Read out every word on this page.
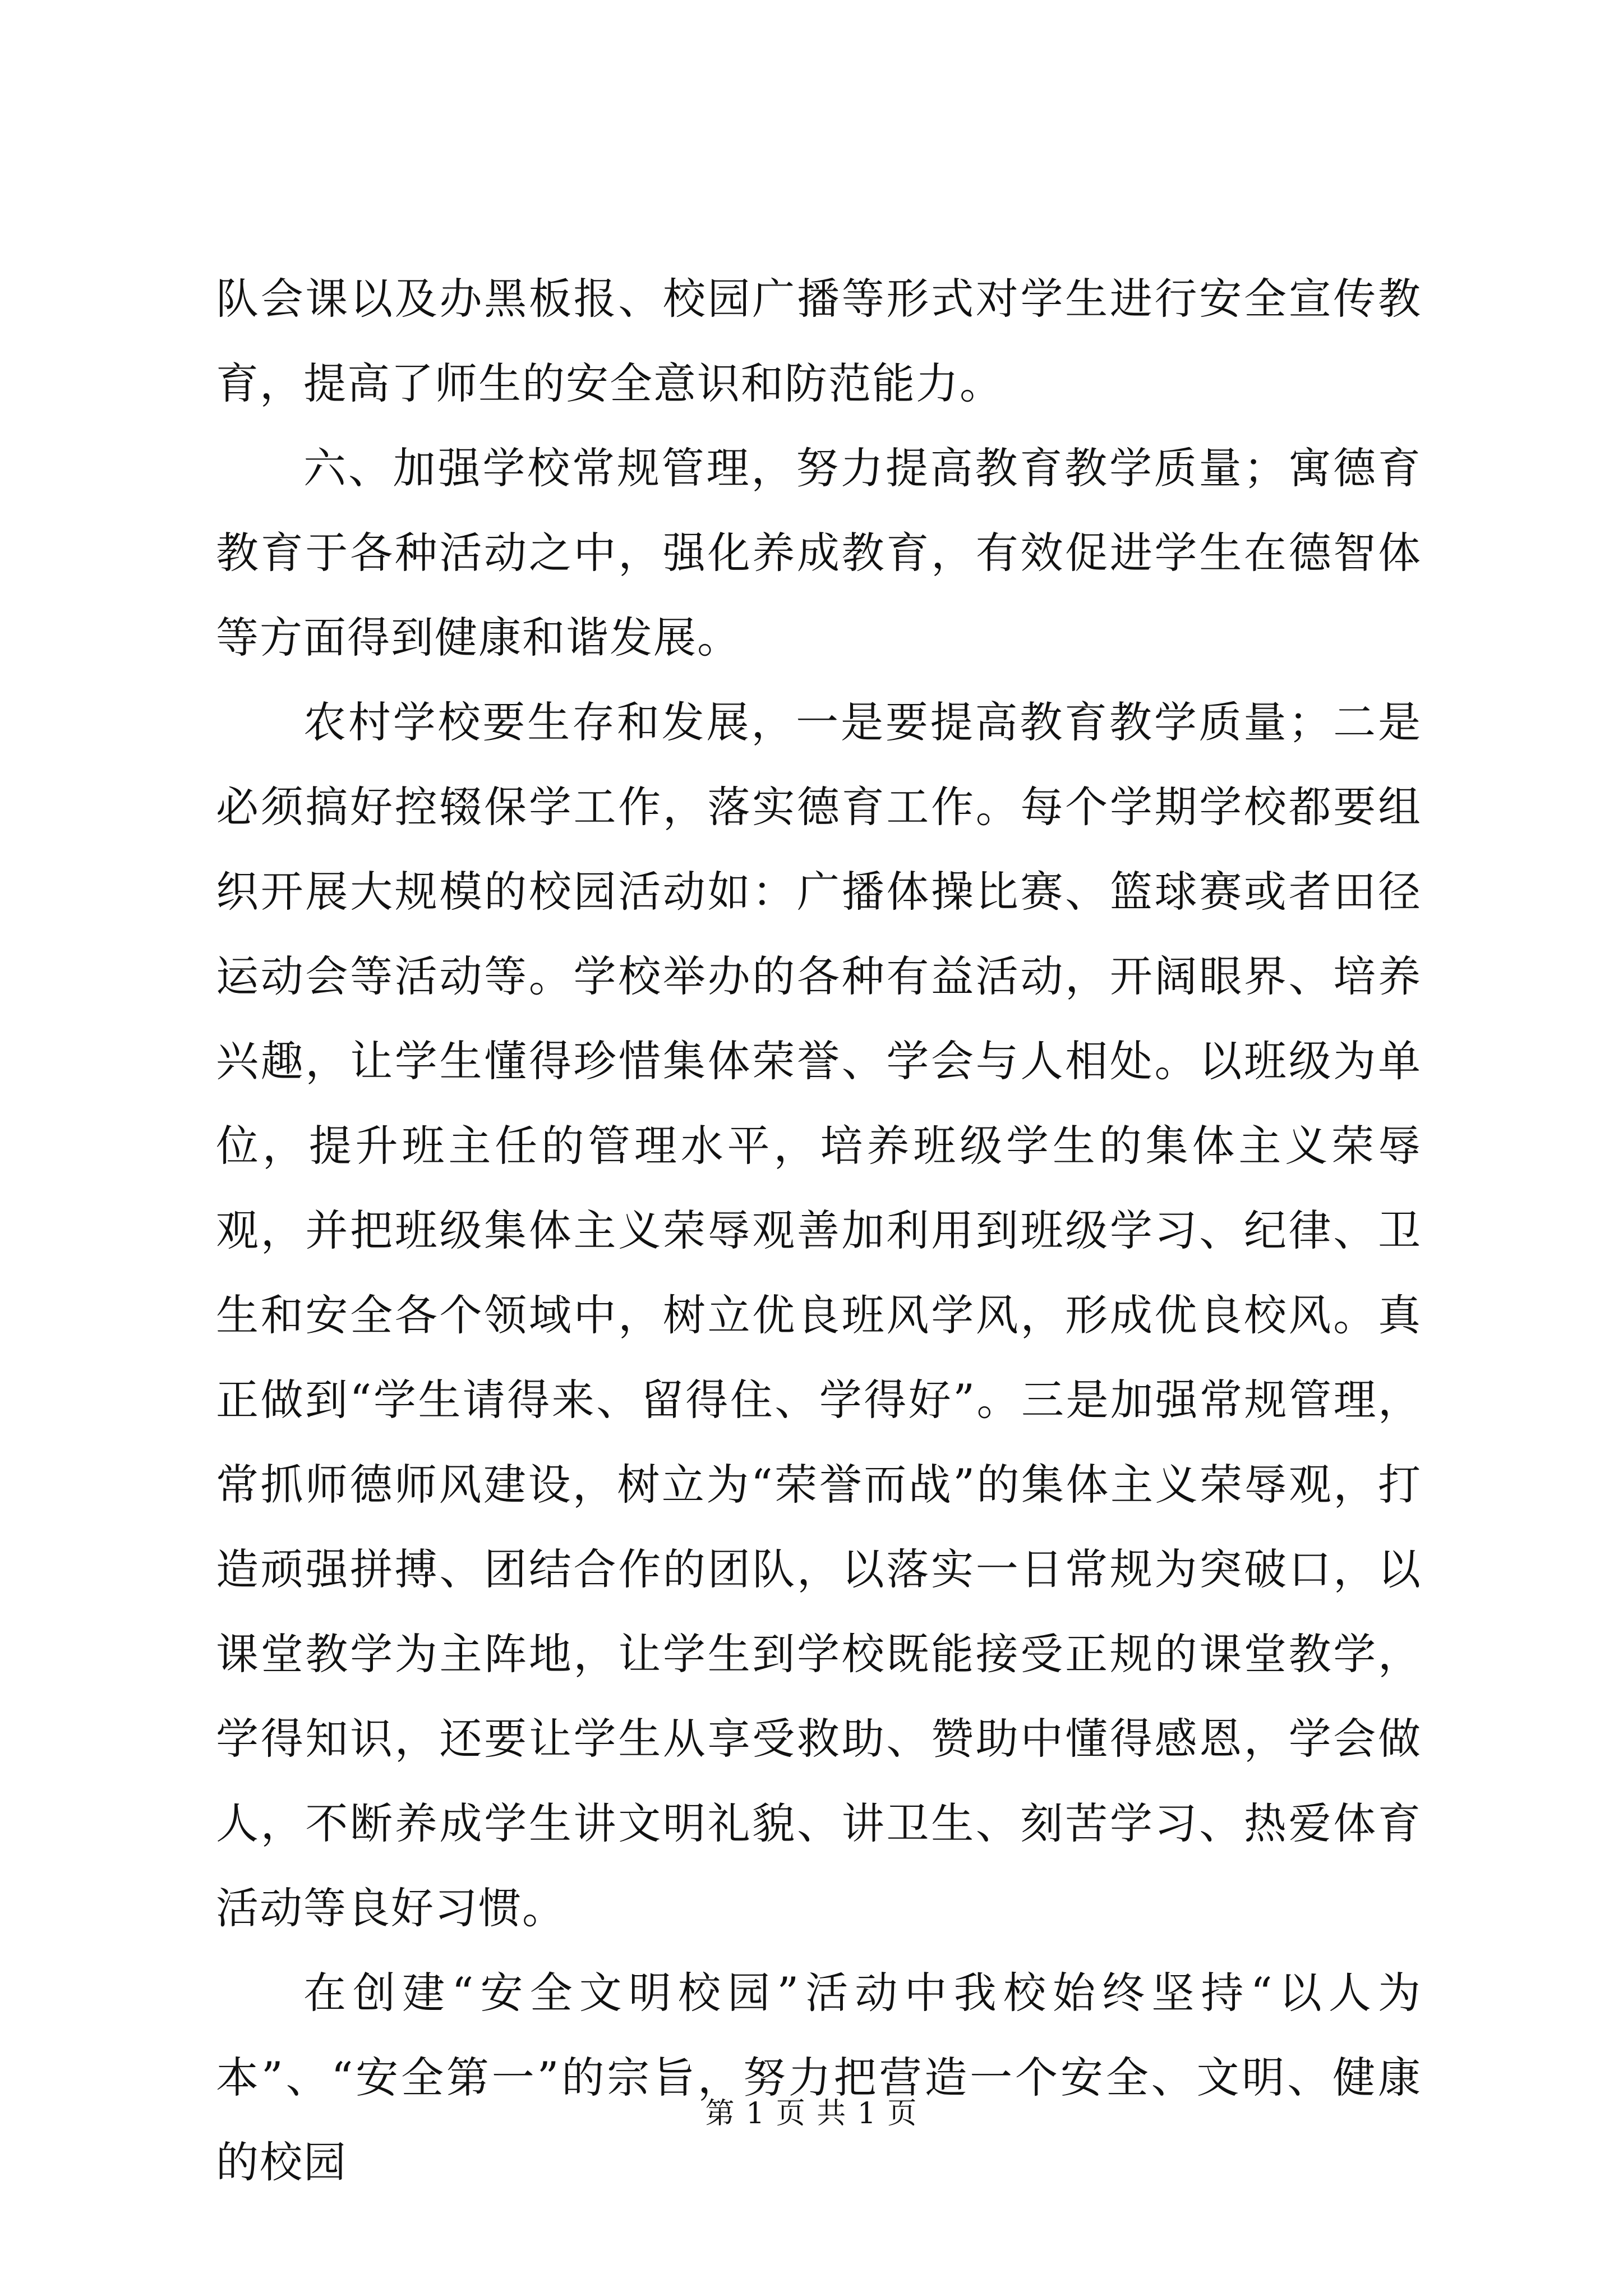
队会课以及办黑板报、校园广播等形式对学生进行安全宣传教育，提高了师生的安全意识和防范能力。

六、加强学校常规管理，努力提高教育教学质量；寓德育教育于各种活动之中，强化养成教育，有效促进学生在德智体等方面得到健康和谐发展。

农村学校要生存和发展，一是要提高教育教学质量；二是必须搞好控辍保学工作，落实德育工作。每个学期学校都要组织开展大规模的校园活动如：广播体操比赛、篮球赛或者田径运动会等活动等。学校举办的各种有益活动，开阔眼界、培养兴趣，让学生懂得珍惜集体荣誉、学会与人相处。以班级为单位，提升班主任的管理水平，培养班级学生的集体主义荣辱观，并把班级集体主义荣辱观善加利用到班级学习、纪律、卫生和安全各个领域中，树立优良班风学风，形成优良校风。真正做到“学生请得来、留得住、学得好”。三是加强常规管理，常抓师德师风建设，树立为“荣誉而战”的集体主义荣辱观，打造顽强拼搏、团结合作的团队，以落实一日常规为突破口，以课堂教学为主阵地，让学生到学校既能接受正规的课堂教学，学得知识，还要让学生从享受救助、赞助中懂得感恩，学会做人，不断养成学生讲文明礼貌、讲卫生、刻苦学习、热爱体育活动等良好习惯。

在创建“安全文明校园”活动中我校始终坚持“以人为本”、“安全第一”的宗旨，努力把营造一个安全、文明、健康的校园

第 1 页 共 1 页
